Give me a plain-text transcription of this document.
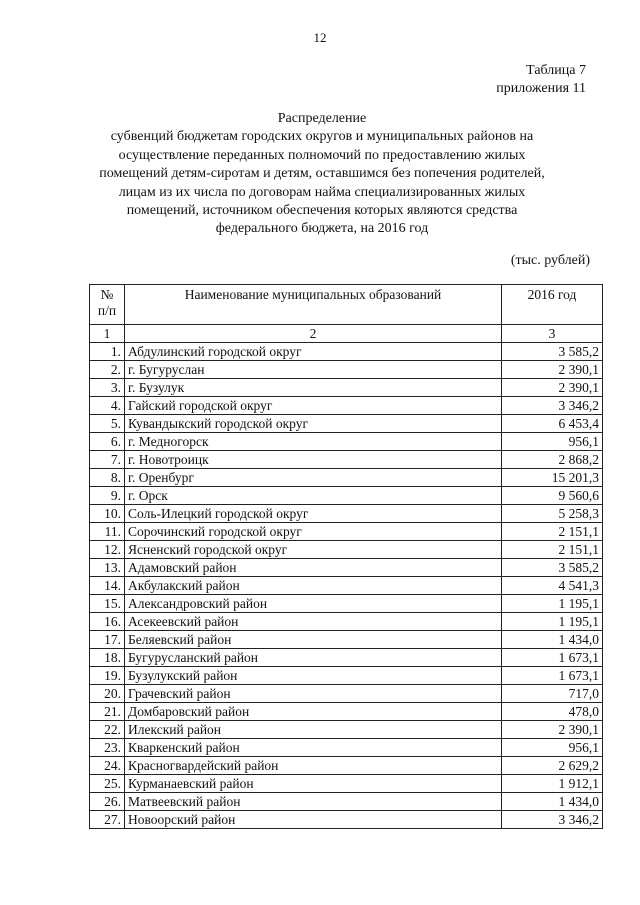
12
Таблица 7
приложения 11
Распределение
субвенций бюджетам городских округов и муниципальных районов на
осуществление переданных полномочий по предоставлению жилых
помещений детям-сиротам и детям, оставшимся без попечения родителей,
лицам из их числа по договорам найма специализированных жилых
помещений, источником обеспечения которых являются средства
федерального бюджета, на 2016 год
(тыс. рублей)
№
п/п	Наименование муниципальных образований	2016 год
1	2	3
1.	Абдулинский городской округ	3 585,2
2.	г. Бугуруслан	2 390,1
3.	г. Бузулук	2 390,1
4.	Гайский городской округ	3 346,2
5.	Кувандыкский городской округ	6 453,4
6.	г. Медногорск	956,1
7.	г. Новотроицк	2 868,2
8.	г. Оренбург	15 201,3
9.	г. Орск	9 560,6
10.	Соль-Илецкий городской округ	5 258,3
11.	Сорочинский городской округ	2 151,1
12.	Ясненский городской округ	2 151,1
13.	Адамовский район	3 585,2
14.	Акбулакский район	4 541,3
15.	Александровский район	1 195,1
16.	Асекеевский район	1 195,1
17.	Беляевский район	1 434,0
18.	Бугурусланский район	1 673,1
19.	Бузулукский район	1 673,1
20.	Грачевский район	717,0
21.	Домбаровский район	478,0
22.	Илекский район	2 390,1
23.	Кваркенский район	956,1
24.	Красногвардейский район	2 629,2
25.	Курманаевский район	1 912,1
26.	Матвеевский район	1 434,0
27.	Новоорский район	3 346,2
